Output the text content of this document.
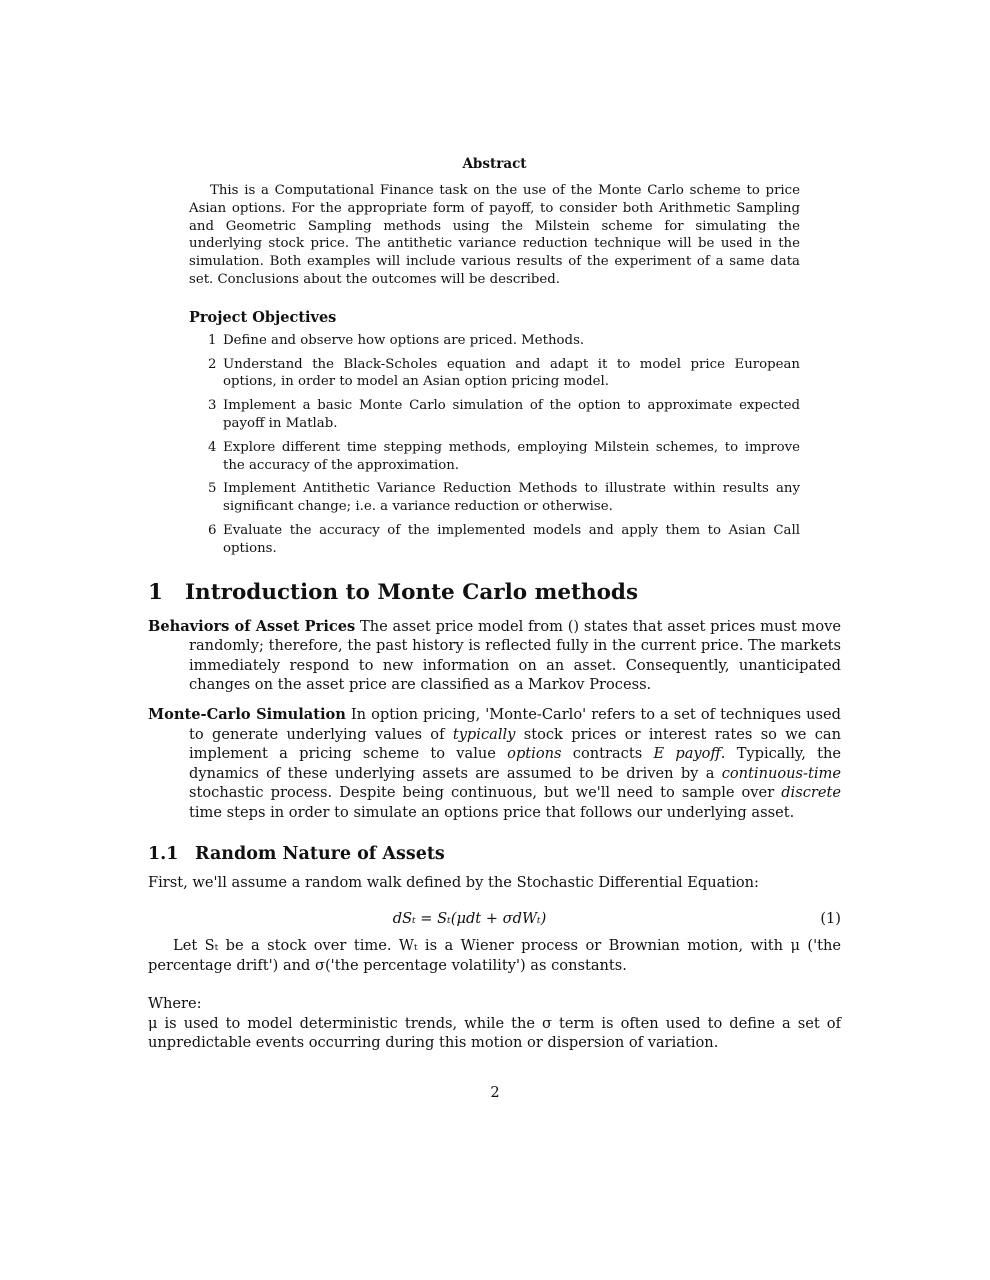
Abstract

This is a Computational Finance task on the use of the Monte Carlo scheme to price Asian options. For the appropriate form of payoff, to consider both Arithmetic Sampling and Geometric Sampling methods using the Milstein scheme for simulating the underlying stock price. The antithetic variance reduction technique will be used in the simulation. Both examples will include various results of the experiment of a same data set. Conclusions about the outcomes will be described.

Project Objectives
1 Define and observe how options are priced. Methods.
2 Understand the Black-Scholes equation and adapt it to model price European options, in order to model an Asian option pricing model.
3 Implement a basic Monte Carlo simulation of the option to approximate expected payoff in Matlab.
4 Explore different time stepping methods, employing Milstein schemes, to improve the accuracy of the approximation.
5 Implement Antithetic Variance Reduction Methods to illustrate within results any significant change; i.e. a variance reduction or otherwise.
6 Evaluate the accuracy of the implemented models and apply them to Asian Call options.
1	Introduction to Monte Carlo methods

Behaviors of Asset Prices The asset price model from () states that asset prices must move randomly; therefore, the past history is reflected fully in the current price. The markets immediately respond to new information on an asset. Consequently, unanticipated changes on the asset price are classified as a Markov Process.

Monte-Carlo Simulation In option pricing, 'Monte-Carlo' refers to a set of techniques used to generate underlying values of typically stock prices or interest rates so we can implement a pricing scheme to value options contracts E payoff. Typically, the dynamics of these underlying assets are assumed to be driven by a continuous-time stochastic process. Despite being continuous, but we'll need to sample over discrete time steps in order to simulate an options price that follows our underlying asset.

1.1 Random Nature of Assets

First, we'll assume a random walk defined by the Stochastic Differential Equation:

dSₜ = Sₜ(μdt + σdWₜ)	(1)

Let Sₜ be a stock over time. Wₜ is a Wiener process or Brownian motion, with μ ('the percentage drift') and σ('the percentage volatility') as constants.

Where:

μ is used to model deterministic trends, while the σ term is often used to define a set of unpredictable events occurring during this motion or dispersion of variation.

2
